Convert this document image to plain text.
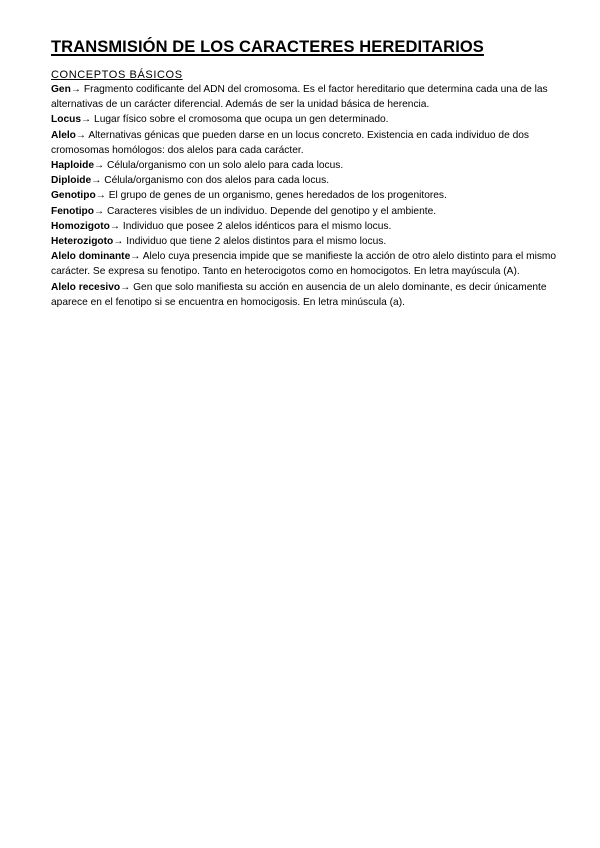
TRANSMISIÓN DE LOS CARACTERES HEREDITARIOS
CONCEPTOS BÁSICOS

Gen→ Fragmento codificante del ADN del cromosoma. Es el factor hereditario que determina cada una de las alternativas de un carácter diferencial. Además de ser la unidad básica de herencia.

Locus→ Lugar físico sobre el cromosoma que ocupa un gen determinado.

Alelo→ Alternativas génicas que pueden darse en un locus concreto. Existencia en cada individuo de dos cromosomas homólogos: dos alelos para cada carácter.

Haploide→ Célula/organismo con un solo alelo para cada locus.

Diploide→ Célula/organismo con dos alelos para cada locus.

Genotipo→ El grupo de genes de un organismo, genes heredados de los progenitores.

Fenotipo→ Caracteres visibles de un individuo. Depende del genotipo y el ambiente.

Homozigoto→ Individuo que posee 2 alelos idénticos para el mismo locus.

Heterozigoto→ Individuo que tiene 2 alelos distintos para el mismo locus.

Alelo dominante→ Alelo cuya presencia impide que se manifieste la acción de otro alelo distinto para el mismo carácter. Se expresa su fenotipo. Tanto en heterocigotos como en homocigotos. En letra mayúscula (A).

Alelo recesivo→ Gen que solo manifiesta su acción en ausencia de un alelo dominante, es decir únicamente aparece en el fenotipo si se encuentra en homocigosis. En letra minúscula (a).
